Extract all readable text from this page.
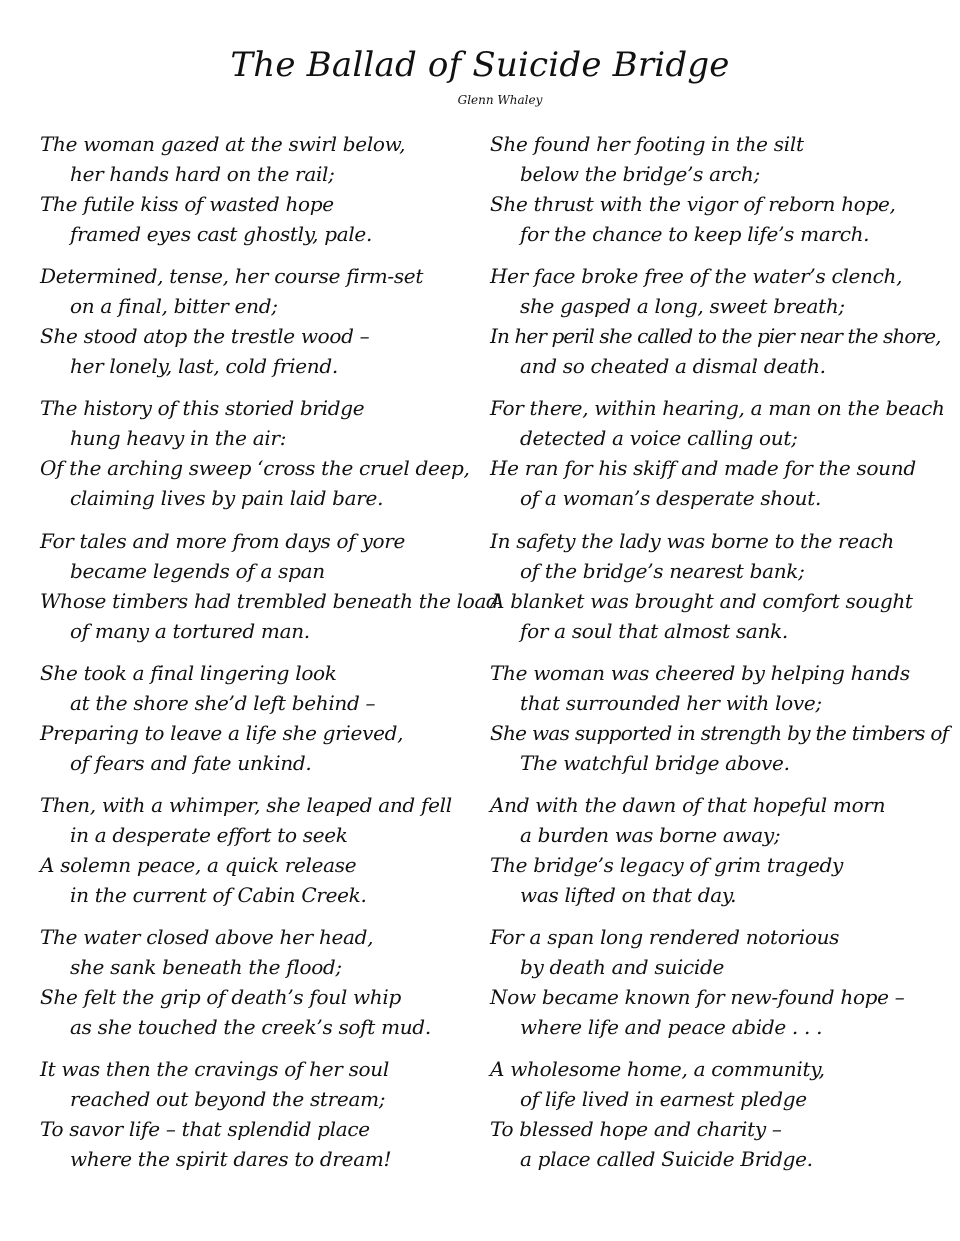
The Ballad of Suicide Bridge
Glenn Whaley
The woman gazed at the swirl below,
her hands hard on the rail;
The futile kiss of wasted hope
framed eyes cast ghostly, pale.
Determined, tense, her course firm-set
on a final, bitter end;
She stood atop the trestle wood –
her lonely, last, cold friend.
The history of this storied bridge
hung heavy in the air:
Of the arching sweep ‘cross the cruel deep,
claiming lives by pain laid bare.
For tales and more from days of yore
became legends of a span
Whose timbers had trembled beneath the load
of many a tortured man.
She took a final lingering look
at the shore she’d left behind –
Preparing to leave a life she grieved,
of fears and fate unkind.
Then, with a whimper, she leaped and fell
in a desperate effort to seek
A solemn peace, a quick release
in the current of Cabin Creek.
The water closed above her head,
she sank beneath the flood;
She felt the grip of death’s foul whip
as she touched the creek’s soft mud.
It was then the cravings of her soul
reached out beyond the stream;
To savor life – that splendid place
where the spirit dares to dream!
She found her footing in the silt
below the bridge’s arch;
She thrust with the vigor of reborn hope,
for the chance to keep life’s march.
Her face broke free of the water’s clench,
she gasped a long, sweet breath;
In her peril she called to the pier near the shore,
and so cheated a dismal death.
For there, within hearing, a man on the beach
detected a voice calling out;
He ran for his skiff and made for the sound
of a woman’s desperate shout.
In safety the lady was borne to the reach
of the bridge’s nearest bank;
A blanket was brought and comfort sought
for a soul that almost sank.
The woman was cheered by helping hands
that surrounded her with love;
She was supported in strength by the timbers of
The watchful bridge above.
And with the dawn of that hopeful morn
a burden was borne away;
The bridge’s legacy of grim tragedy
was lifted on that day.
For a span long rendered notorious
by death and suicide
Now became known for new-found hope –
where life and peace abide . . .
A wholesome home, a community,
of life lived in earnest pledge
To blessed hope and charity –
a place called Suicide Bridge.
